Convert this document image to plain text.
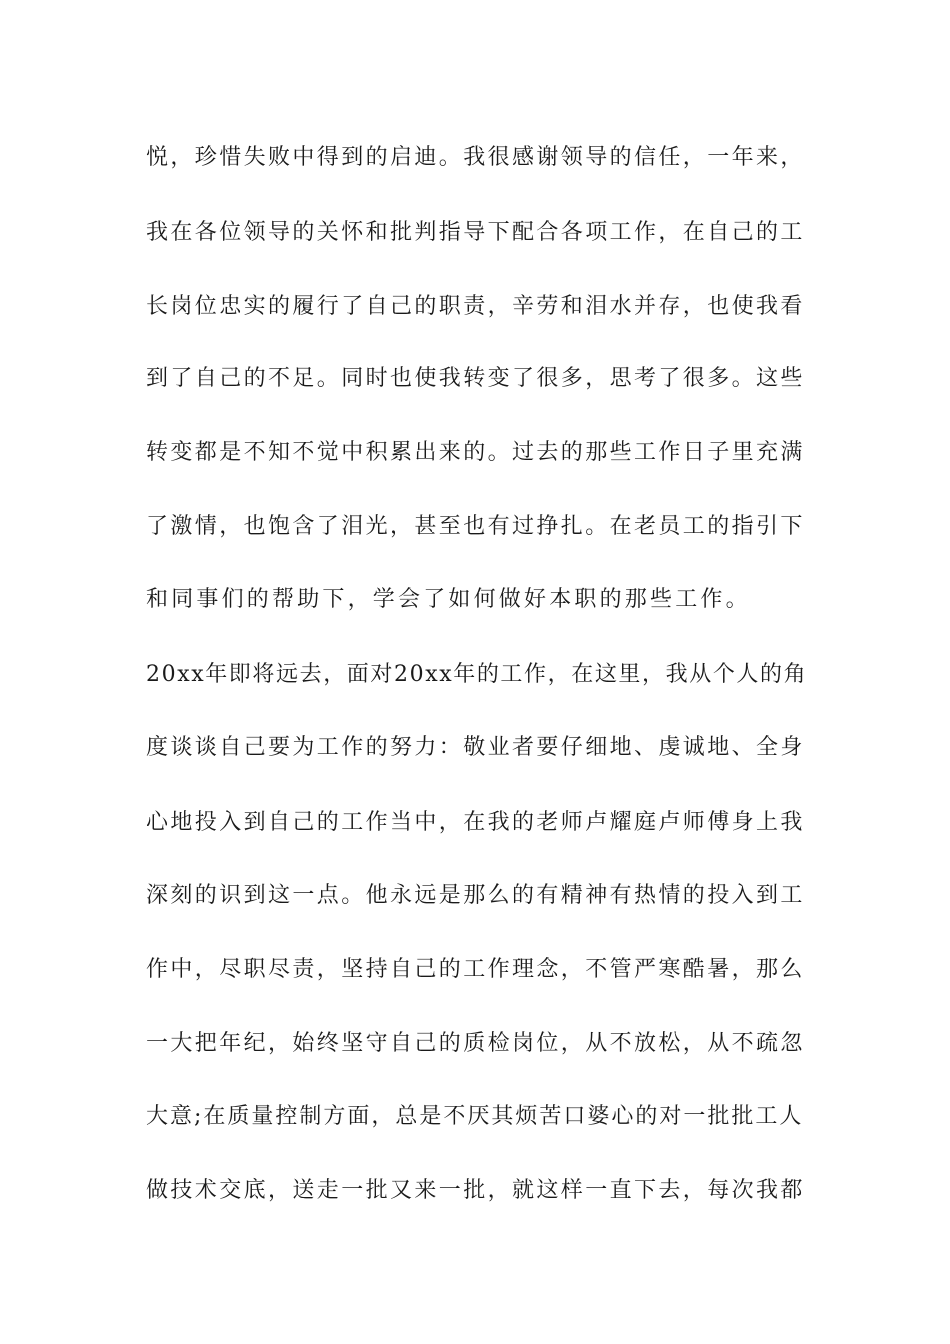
悦，珍惜失败中得到的启迪。我很感谢领导的信任，一年来，
我在各位领导的关怀和批判指导下配合各项工作，在自己的工
长岗位忠实的履行了自己的职责，辛劳和泪水并存，也使我看
到了自己的不足。同时也使我转变了很多，思考了很多。这些
转变都是不知不觉中积累出来的。过去的那些工作日子里充满
了激情，也饱含了泪光，甚至也有过挣扎。在老员工的指引下
和同事们的帮助下，学会了如何做好本职的那些工作。
20xx年即将远去，面对20xx年的工作，在这里，我从个人的角
度谈谈自己要为工作的努力：敬业者要仔细地、虔诚地、全身
心地投入到自己的工作当中，在我的老师卢耀庭卢师傅身上我
深刻的识到这一点。他永远是那么的有精神有热情的投入到工
作中，尽职尽责，坚持自己的工作理念，不管严寒酷暑，那么
一大把年纪，始终坚守自己的质检岗位，从不放松，从不疏忽
大意;在质量控制方面，总是不厌其烦苦口婆心的对一批批工人
做技术交底，送走一批又来一批，就这样一直下去，每次我都
